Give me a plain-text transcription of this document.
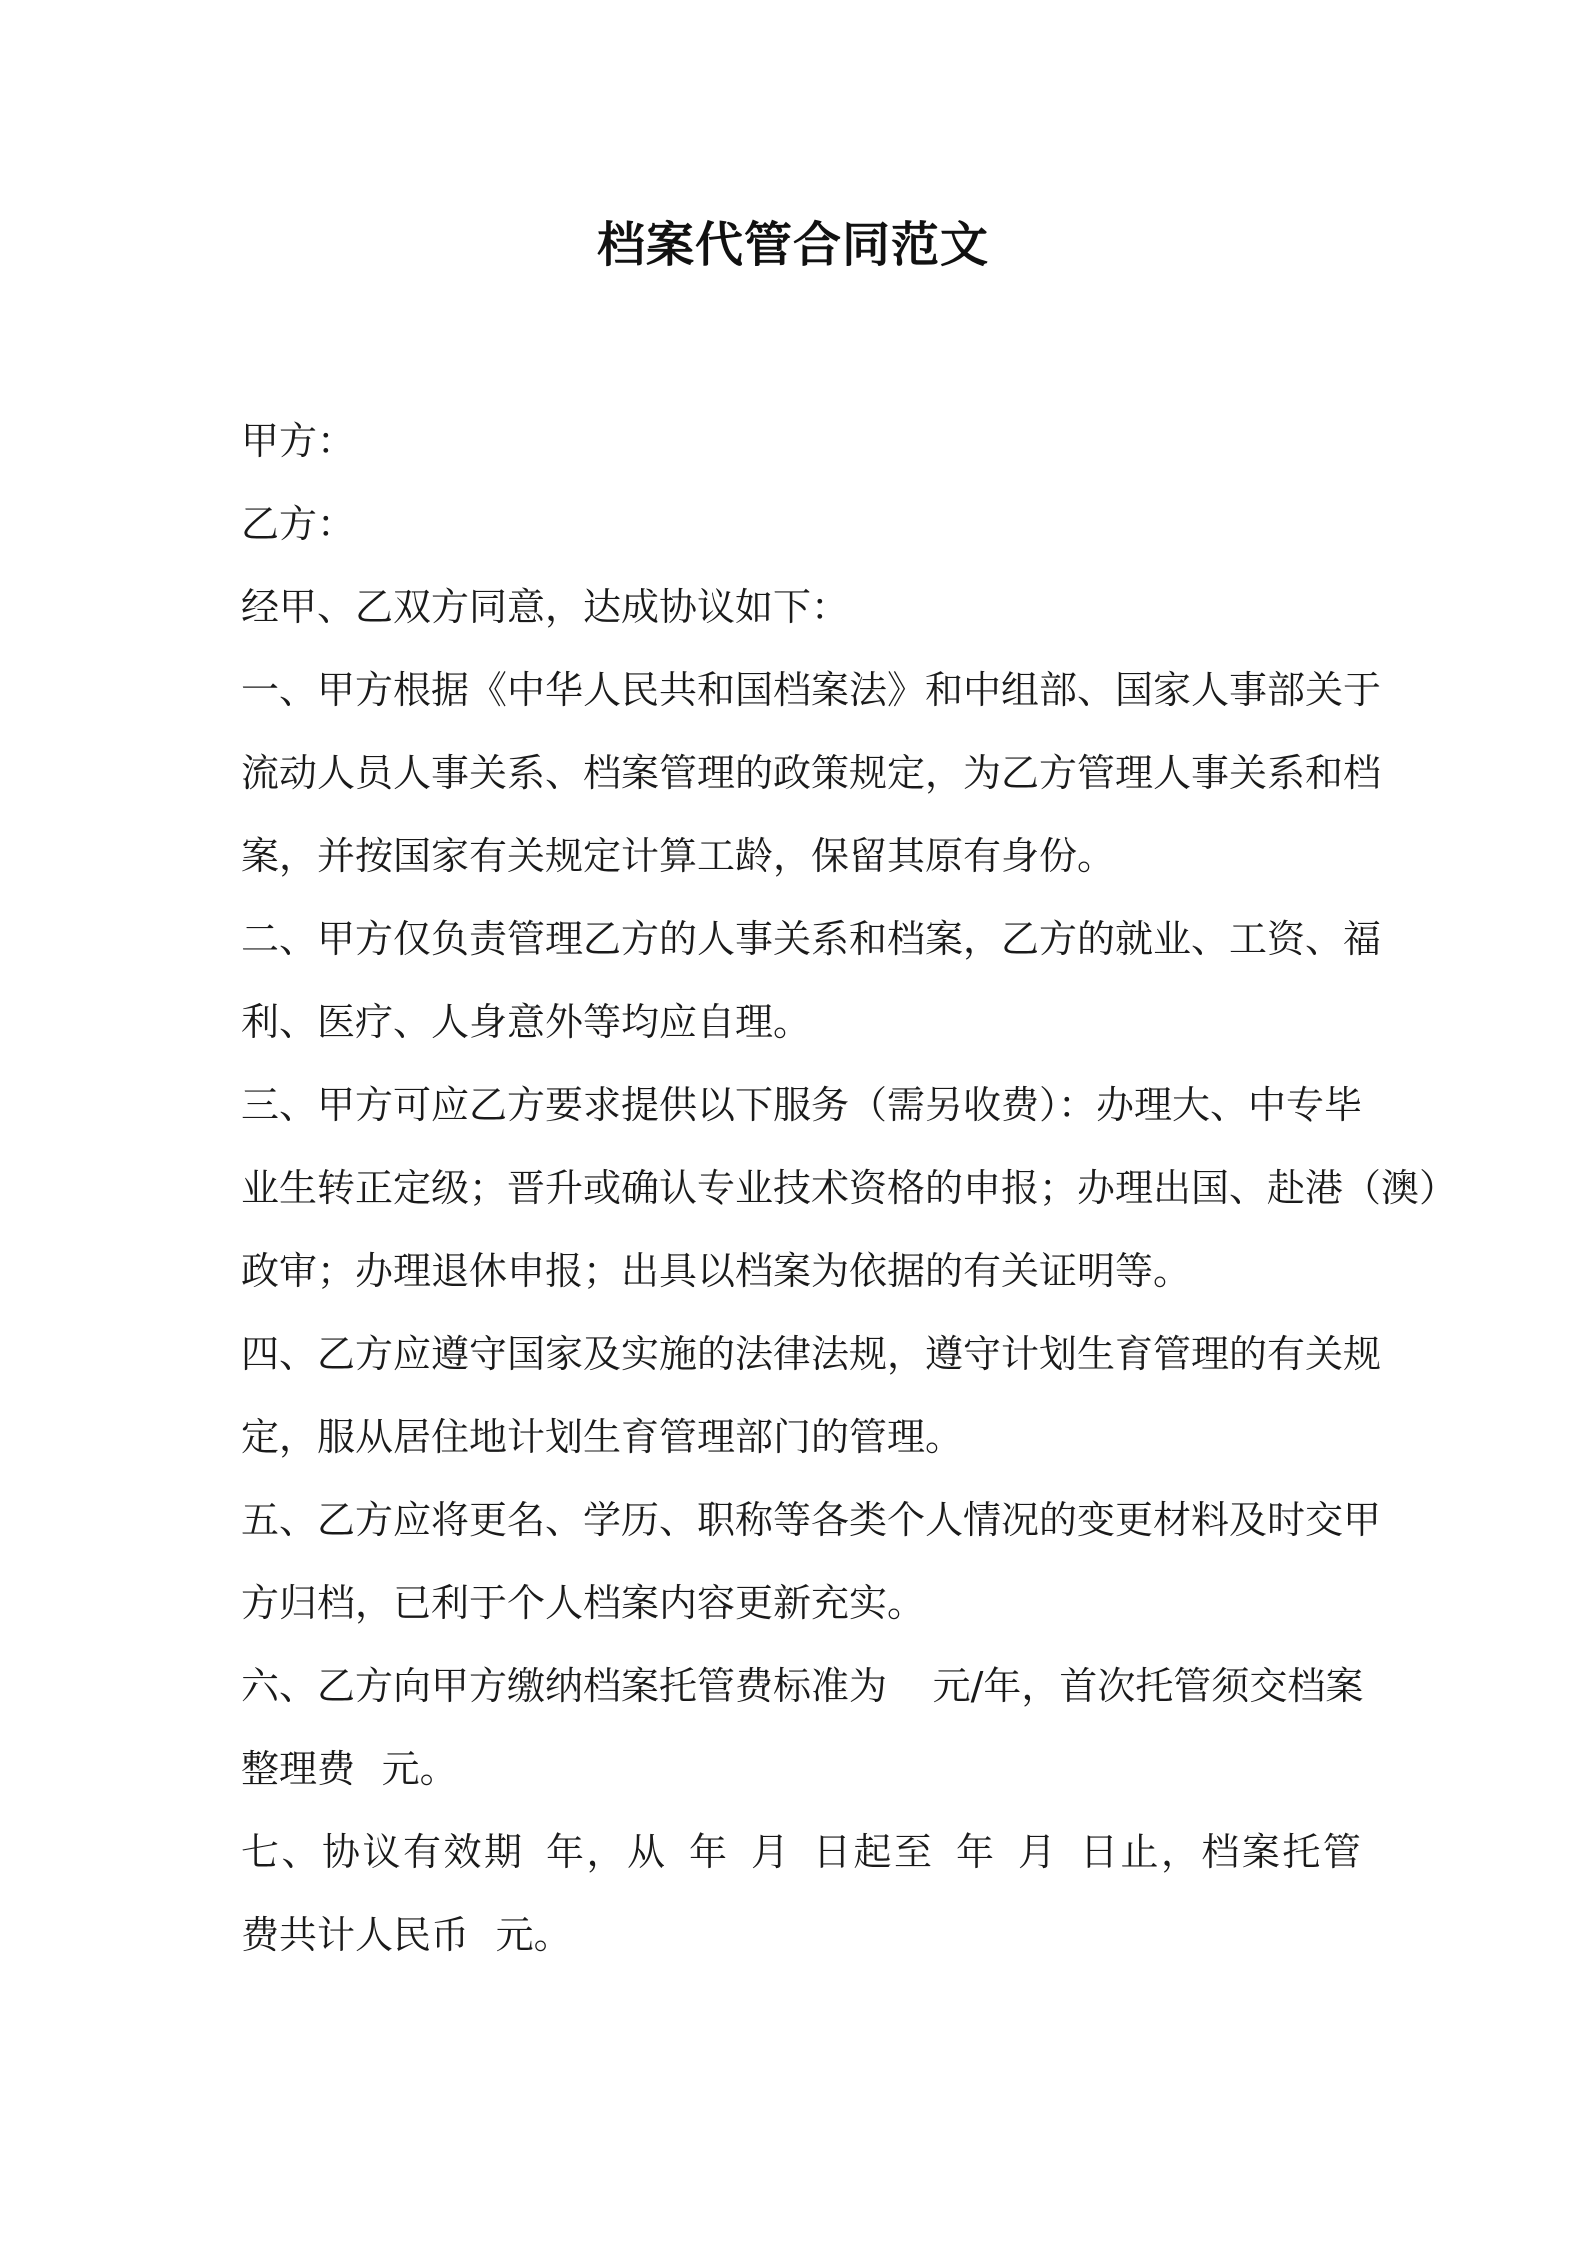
档案代管合同范文
甲方：
乙方：
经甲、乙双方同意，达成协议如下：
一、甲方根据《中华人民共和国档案法》和中组部、国家人事部关于
流动人员人事关系、档案管理的政策规定，为乙方管理人事关系和档
案，并按国家有关规定计算工龄，保留其原有身份。
二、甲方仅负责管理乙方的人事关系和档案，乙方的就业、工资、福
利、医疗、人身意外等均应自理。
三、甲方可应乙方要求提供以下服务（需另收费）：办理大、中专毕
业生转正定级；晋升或确认专业技术资格的申报；办理出国、赴港（澳）
政审；办理退休申报；出具以档案为依据的有关证明等。
四、乙方应遵守国家及实施的法律法规，遵守计划生育管理的有关规
定，服从居住地计划生育管理部门的管理。
五、乙方应将更名、学历、职称等各类个人情况的变更材料及时交甲
方归档，已利于个人档案内容更新充实。
六、乙方向甲方缴纳档案托管费标准为 元/年，首次托管须交档案
整理费 元。
七、协议有效期 年，从 年 月 日起至 年 月 日止，档案托管
费共计人民币 元。
